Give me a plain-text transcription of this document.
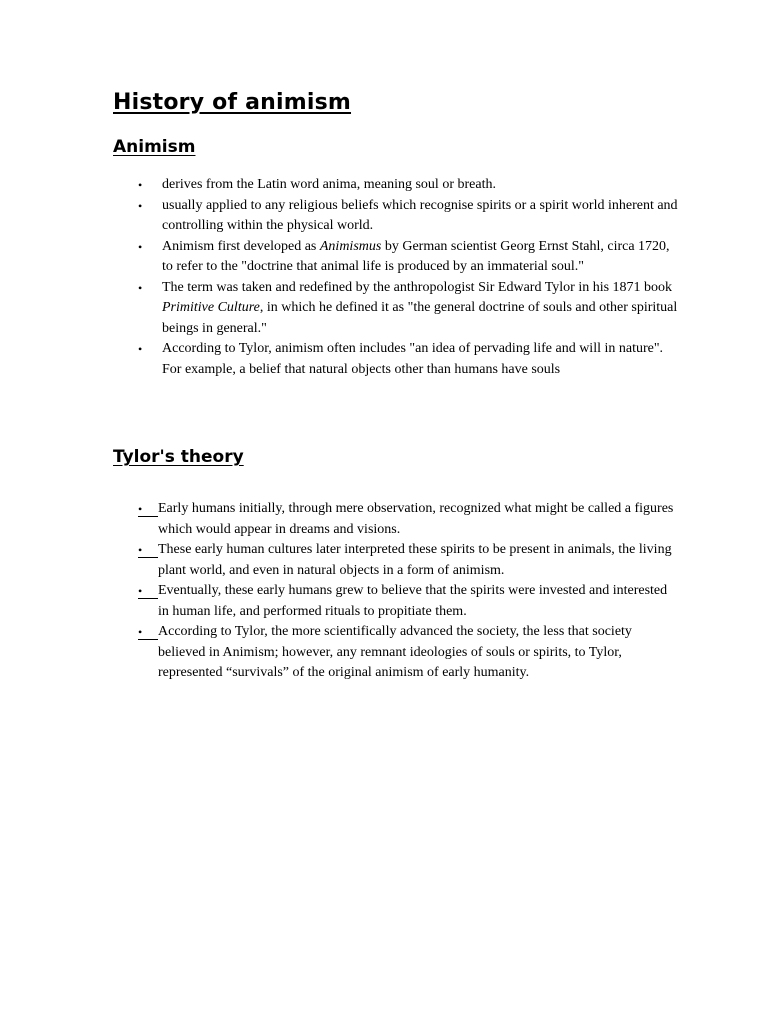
History of animism
Animism
•	derives from the Latin word anima, meaning soul or breath.
•	usually applied to any religious beliefs which recognise spirits or a spirit world inherent and controlling within the physical world.
•	Animism first developed as Animismus by German scientist Georg Ernst Stahl, circa 1720, to refer to the "doctrine that animal life is produced by an immaterial soul."
•	The term was taken and redefined by the anthropologist Sir Edward Tylor in his 1871 book Primitive Culture, in which he defined it as "the general doctrine of souls and other spiritual beings in general."
•	According to Tylor, animism often includes "an idea of pervading life and will in nature". For example, a belief that natural objects other than humans have souls
Tylor's theory
•	Early humans initially, through mere observation, recognized what might be called a figures which would appear in dreams and visions.
•	These early human cultures later interpreted these spirits to be present in animals, the living plant world, and even in natural objects in a form of animism.
•	Eventually, these early humans grew to believe that the spirits were invested and interested in human life, and performed rituals to propitiate them.
•	According to Tylor, the more scientifically advanced the society, the less that society believed in Animism; however, any remnant ideologies of souls or spirits, to Tylor, represented “survivals” of the original animism of early humanity.
